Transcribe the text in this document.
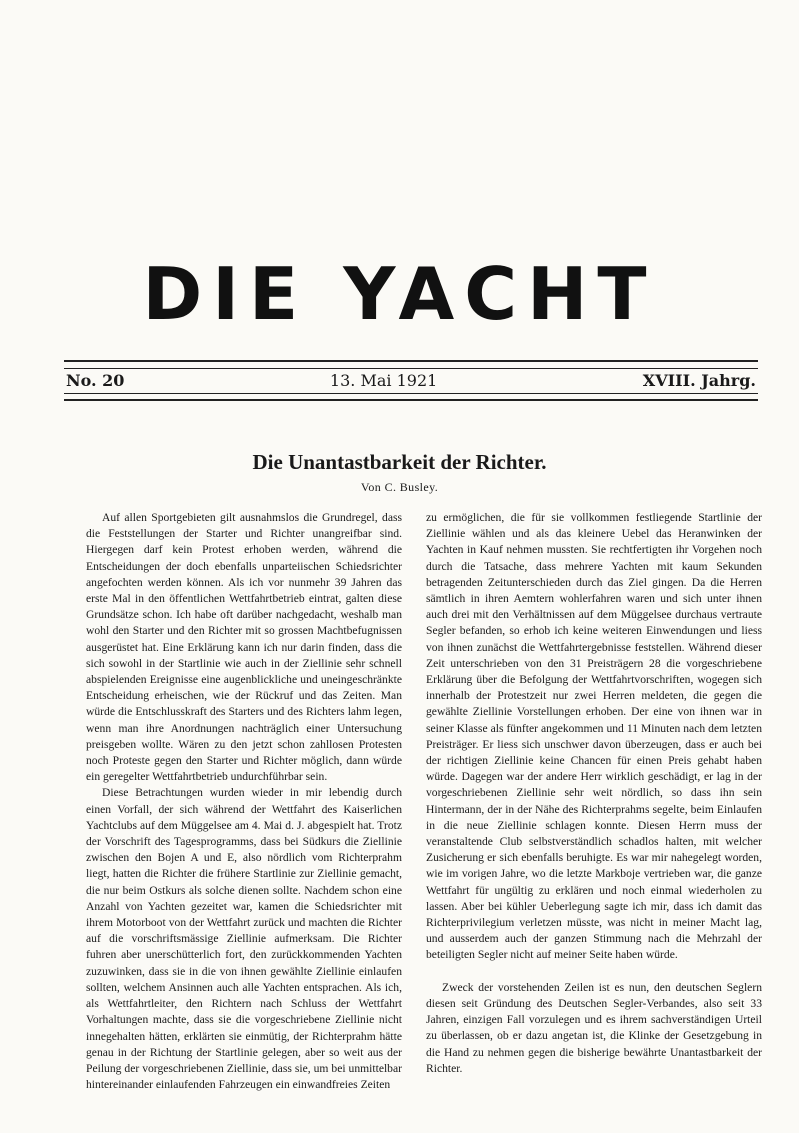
DIE YACHT
No. 20	13. Mai 1921	XVIII. Jahrg.
Die Unantastbarkeit der Richter.
Von C. Busley.

Auf allen Sportgebieten gilt ausnahmslos die Grundregel, dass die Feststellungen der Starter und Richter unangreifbar sind. Hiergegen darf kein Protest erhoben werden, während die Entscheidungen der doch ebenfalls unparteiischen Schiedsrichter angefochten werden können. Als ich vor nunmehr 39 Jahren das erste Mal in den öffentlichen Wettfahrtbetrieb eintrat, galten diese Grundsätze schon. Ich habe oft darüber nachgedacht, weshalb man wohl den Starter und den Richter mit so grossen Machtbefugnissen ausgerüstet hat. Eine Erklärung kann ich nur darin finden, dass die sich sowohl in der Startlinie wie auch in der Ziellinie sehr schnell abspielenden Ereignisse eine augenblickliche und uneingeschränkte Entscheidung erheischen, wie der Rückruf und das Zeiten. Man würde die Entschlusskraft des Starters und des Richters lahm legen, wenn man ihre Anordnungen nachträglich einer Untersuchung preisgeben wollte. Wären zu den jetzt schon zahllosen Protesten noch Proteste gegen den Starter und Richter möglich, dann würde ein geregelter Wettfahrtbetrieb undurchführbar sein.

Diese Betrachtungen wurden wieder in mir lebendig durch einen Vorfall, der sich während der Wettfahrt des Kaiserlichen Yachtclubs auf dem Müggelsee am 4. Mai d. J. abgespielt hat. Trotz der Vorschrift des Tagesprogramms, dass bei Südkurs die Ziellinie zwischen den Bojen A und E, also nördlich vom Richterprahm liegt, hatten die Richter die frühere Startlinie zur Ziellinie gemacht, die nur beim Ostkurs als solche dienen sollte. Nachdem schon eine Anzahl von Yachten gezeitet war, kamen die Schiedsrichter mit ihrem Motorboot von der Wettfahrt zurück und machten die Richter auf die vorschriftsmässige Ziellinie aufmerksam. Die Richter fuhren aber unerschütterlich fort, den zurückkommenden Yachten zuzuwinken, dass sie in die von ihnen gewählte Ziellinie einlaufen sollten, welchem Ansinnen auch alle Yachten entsprachen. Als ich, als Wettfahrtleiter, den Richtern nach Schluss der Wettfahrt Vorhaltungen machte, dass sie die vorgeschriebene Ziellinie nicht innegehalten hätten, erklärten sie einmütig, der Richterprahm hätte genau in der Richtung der Startlinie gelegen, aber so weit aus der Peilung der vorgeschriebenen Ziellinie, dass sie, um bei unmittelbar hintereinander einlaufenden Fahrzeugen ein einwandfreies Zeiten

zu ermöglichen, die für sie vollkommen festliegende Startlinie der Ziellinie wählen und als das kleinere Uebel das Heranwinken der Yachten in Kauf nehmen mussten. Sie rechtfertigten ihr Vorgehen noch durch die Tatsache, dass mehrere Yachten mit kaum Sekunden betragenden Zeitunterschieden durch das Ziel gingen. Da die Herren sämtlich in ihren Aemtern wohlerfahren waren und sich unter ihnen auch drei mit den Verhältnissen auf dem Müggelsee durchaus vertraute Segler befanden, so erhob ich keine weiteren Einwendungen und liess von ihnen zunächst die Wettfahrtergebnisse feststellen. Während dieser Zeit unterschrieben von den 31 Preisträgern 28 die vorgeschriebene Erklärung über die Befolgung der Wettfahrtvorschriften, wogegen sich innerhalb der Protestzeit nur zwei Herren meldeten, die gegen die gewählte Ziellinie Vorstellungen erhoben. Der eine von ihnen war in seiner Klasse als fünfter angekommen und 11 Minuten nach dem letzten Preisträger. Er liess sich unschwer davon überzeugen, dass er auch bei der richtigen Ziellinie keine Chancen für einen Preis gehabt haben würde. Dagegen war der andere Herr wirklich geschädigt, er lag in der vorgeschriebenen Ziellinie sehr weit nördlich, so dass ihn sein Hintermann, der in der Nähe des Richterprahms segelte, beim Einlaufen in die neue Ziellinie schlagen konnte. Diesen Herrn muss der veranstaltende Club selbstverständlich schadlos halten, mit welcher Zusicherung er sich ebenfalls beruhigte. Es war mir nahegelegt worden, wie im vorigen Jahre, wo die letzte Markboje vertrieben war, die ganze Wettfahrt für ungültig zu erklären und noch einmal wiederholen zu lassen. Aber bei kühler Ueberlegung sagte ich mir, dass ich damit das Richterprivilegium verletzen müsste, was nicht in meiner Macht lag, und ausserdem auch der ganzen Stimmung nach die Mehrzahl der beteiligten Segler nicht auf meiner Seite haben würde.

Zweck der vorstehenden Zeilen ist es nun, den deutschen Seglern diesen seit Gründung des Deutschen Segler-Verbandes, also seit 33 Jahren, einzigen Fall vorzulegen und es ihrem sachverständigen Urteil zu überlassen, ob er dazu angetan ist, die Klinke der Gesetzgebung in die Hand zu nehmen gegen die bisherige bewährte Unantastbarkeit der Richter.
